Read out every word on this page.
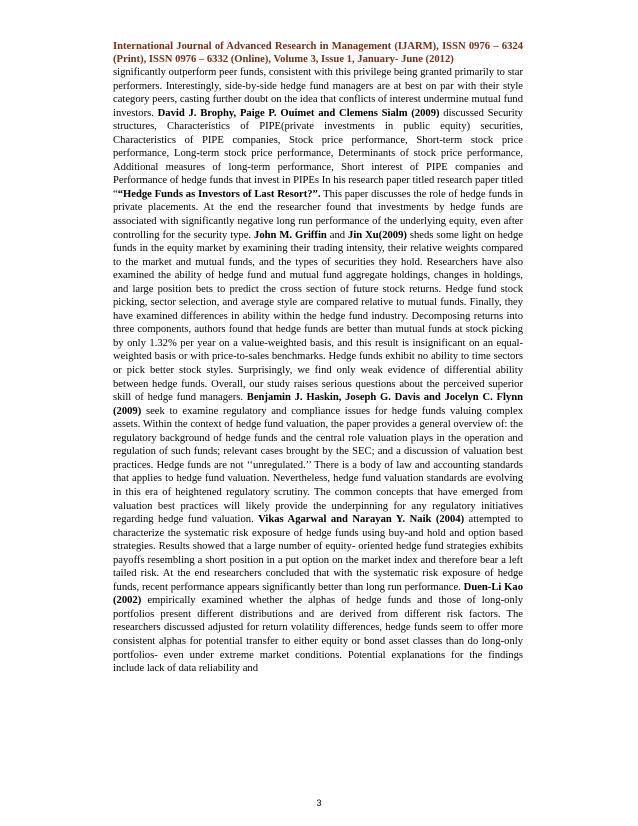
International Journal of Advanced Research in Management (IJARM), ISSN 0976 – 6324 (Print), ISSN 0976 – 6332 (Online), Volume 3, Issue 1, January- June (2012)
significantly outperform peer funds, consistent with this privilege being granted primarily to star performers. Interestingly, side-by-side hedge fund managers are at best on par with their style category peers, casting further doubt on the idea that conflicts of interest undermine mutual fund investors. David J. Brophy, Paige P. Ouimet and Clemens Sialm (2009) discussed Security structures, Characteristics of PIPE(private investments in public equity) securities, Characteristics of PIPE companies, Stock price performance, Short-term stock price performance, Long-term stock price performance, Determinants of stock price performance, Additional measures of long-term performance, Short interest of PIPE companies and Performance of hedge funds that invest in PIPEs In his research paper titled research paper titled ““Hedge Funds as Investors of Last Resort?”. This paper discusses the role of hedge funds in private placements. At the end the researcher found that investments by hedge funds are associated with significantly negative long run performance of the underlying equity, even after controlling for the security type. John M. Griffin and Jin Xu(2009) sheds some light on hedge funds in the equity market by examining their trading intensity, their relative weights compared to the market and mutual funds, and the types of securities they hold. Researchers have also examined the ability of hedge fund and mutual fund aggregate holdings, changes in holdings, and large position bets to predict the cross section of future stock returns. Hedge fund stock picking, sector selection, and average style are compared relative to mutual funds. Finally, they have examined differences in ability within the hedge fund industry. Decomposing returns into three components, authors found that hedge funds are better than mutual funds at stock picking by only 1.32% per year on a value-weighted basis, and this result is insignificant on an equal-weighted basis or with price-to-sales benchmarks. Hedge funds exhibit no ability to time sectors or pick better stock styles. Surprisingly, we find only weak evidence of differential ability between hedge funds. Overall, our study raises serious questions about the perceived superior skill of hedge fund managers. Benjamin J. Haskin, Joseph G. Davis and Jocelyn C. Flynn (2009) seek to examine regulatory and compliance issues for hedge funds valuing complex assets. Within the context of hedge fund valuation, the paper provides a general overview of: the regulatory background of hedge funds and the central role valuation plays in the operation and regulation of such funds; relevant cases brought by the SEC; and a discussion of valuation best practices. Hedge funds are not ‘‘unregulated.’’ There is a body of law and accounting standards that applies to hedge fund valuation. Nevertheless, hedge fund valuation standards are evolving in this era of heightened regulatory scrutiny. The common concepts that have emerged from valuation best practices will likely provide the underpinning for any regulatory initiatives regarding hedge fund valuation. Vikas Agarwal and Narayan Y. Naik (2004) attempted to characterize the systematic risk exposure of hedge funds using buy-and hold and option based strategies. Results showed that a large number of equity- oriented hedge fund strategies exhibits payoffs resembling a short position in a put option on the market index and therefore bear a left tailed risk. At the end researchers concluded that with the systematic risk exposure of hedge funds, recent performance appears significantly better than long run performance. Duen-Li Kao (2002) empirically examined whether the alphas of hedge funds and those of long-only portfolios present different distributions and are derived from different risk factors. The researchers discussed adjusted for return volatility differences, hedge funds seem to offer more consistent alphas for potential transfer to either equity or bond asset classes than do long-only portfolios- even under extreme market conditions. Potential explanations for the findings include lack of data reliability and
3
